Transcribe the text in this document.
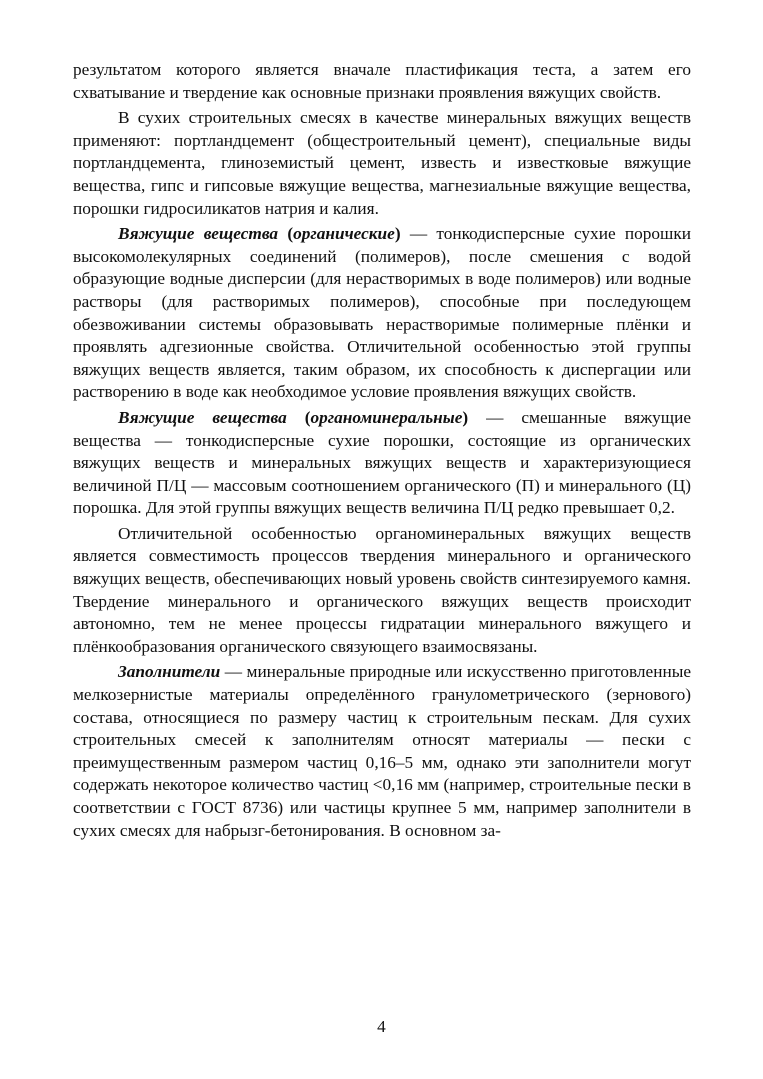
результатом которого является вначале пластификация теста, а затем его схватывание и твердение как основные признаки проявления вяжущих свойств.

В сухих строительных смесях в качестве минеральных вяжущих веществ применяют: портландцемент (общестроительный цемент), специальные виды портландцемента, глиноземистый цемент, известь и известковые вяжущие вещества, гипс и гипсовые вяжущие вещества, магнезиальные вяжущие вещества, порошки гидросиликатов натрия и калия.

Вяжущие вещества (органические) — тонкодисперсные сухие порошки высокомолекулярных соединений (полимеров), после смешения с водой образующие водные дисперсии (для нерастворимых в воде полимеров) или водные растворы (для растворимых полимеров), способные при последующем обезвоживании системы образовывать нерастворимые полимерные плёнки и проявлять адгезионные свойства. Отличительной особенностью этой группы вяжущих веществ является, таким образом, их способность к диспергации или растворению в воде как необходимое условие проявления вяжущих свойств.

Вяжущие вещества (органоминеральные) — смешанные вяжущие вещества — тонкодисперсные сухие порошки, состоящие из органических вяжущих веществ и минеральных вяжущих веществ и характеризующиеся величиной П/Ц — массовым соотношением органического (П) и минерального (Ц) порошка. Для этой группы вяжущих веществ величина П/Ц редко превышает 0,2.

Отличительной особенностью органоминеральных вяжущих веществ является совместимость процессов твердения минерального и органического вяжущих веществ, обеспечивающих новый уровень свойств синтезируемого камня. Твердение минерального и органического вяжущих веществ происходит автономно, тем не менее процессы гидратации минерального вяжущего и плёнкообразования органического связующего взаимосвязаны.

Заполнители — минеральные природные или искусственно приготовленные мелкозернистые материалы определённого гранулометрического (зернового) состава, относящиеся по размеру частиц к строительным пескам. Для сухих строительных смесей к заполнителям относят материалы — пески с преимущественным размером частиц 0,16–5 мм, однако эти заполнители могут содержать некоторое количество частиц <0,16 мм (например, строительные пески в соответствии с ГОСТ 8736) или частицы крупнее 5 мм, например заполнители в сухих смесях для набрызг-бетонирования. В основном за-

4
